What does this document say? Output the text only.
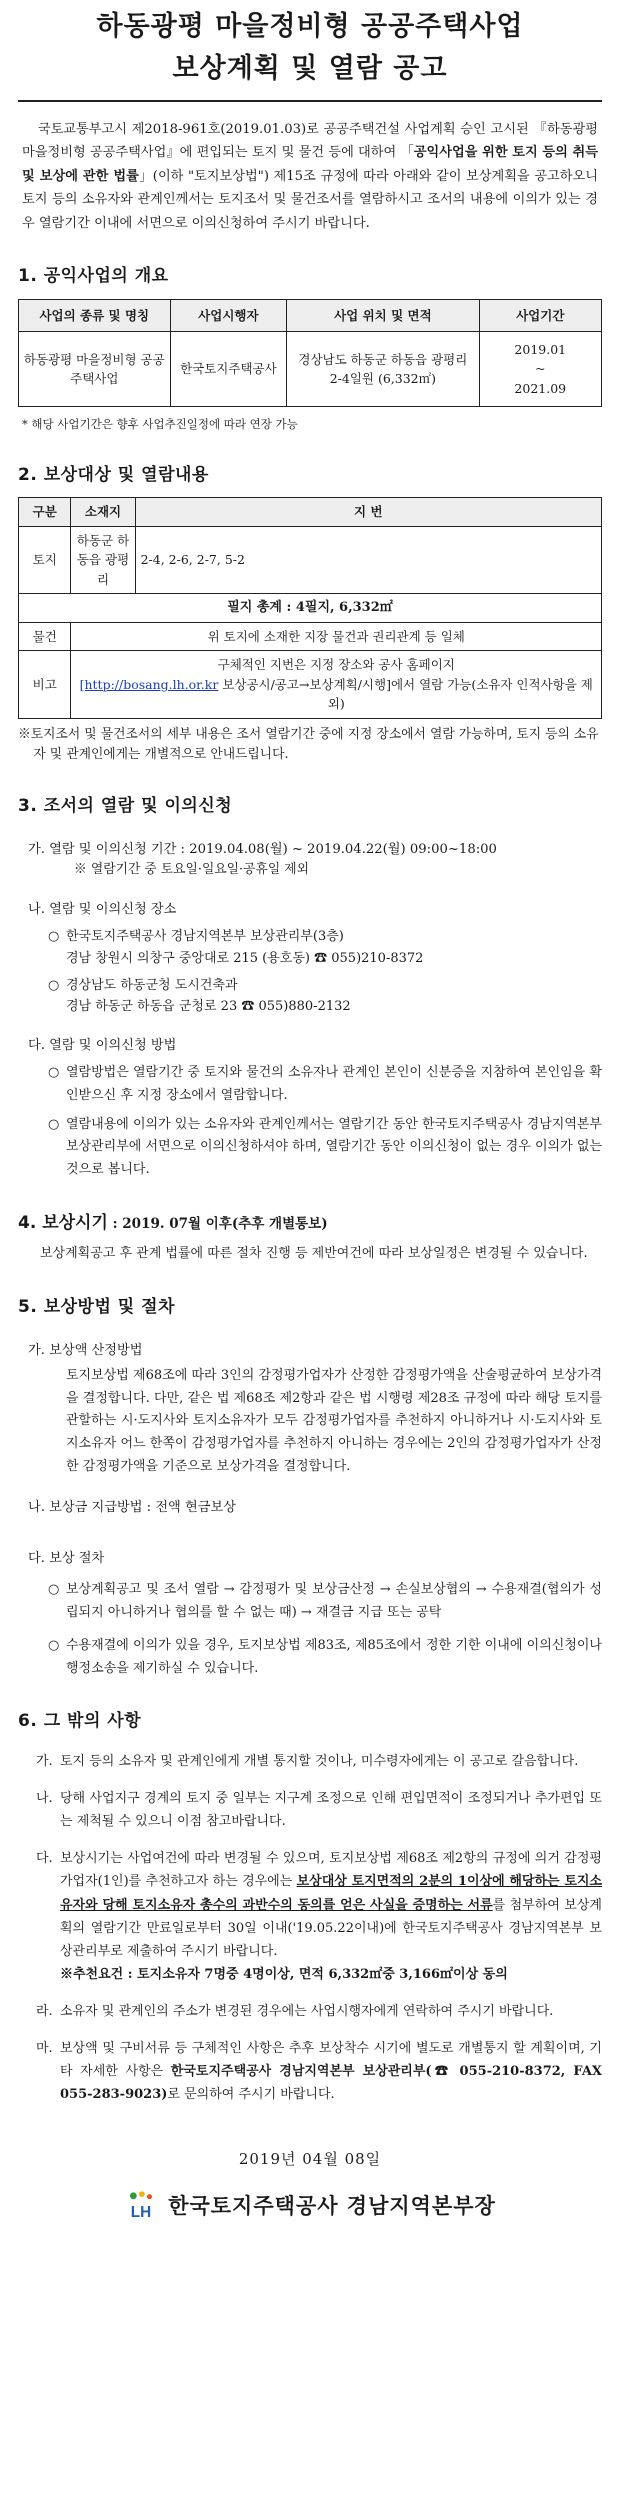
하동광평 마을정비형 공공주택사업
보상계획 및 열람 공고

국토교통부고시 제2018-961호(2019.01.03)로 공공주택건설 사업계획 승인 고시된 『하동광평 마을정비형 공공주택사업』에 편입되는 토지 및 물건 등에 대하여 「공익사업을 위한 토지 등의 취득 및 보상에 관한 법률」(이하 "토지보상법") 제15조 규정에 따라 아래와 같이 보상계획을 공고하오니 토지 등의 소유자와 관계인께서는 토지조서 및 물건조서를 열람하시고 조서의 내용에 이의가 있는 경우 열람기간 이내에 서면으로 이의신청하여 주시기 바랍니다.

1. 공익사업의 개요
사업의 종류 및 명칭	사업시행자	사업 위치 및 면적	사업기간
하동광평 마을정비형 공공주택사업	한국토지주택공사	경상남도 하동군 하동읍 광평리 2-4일원 (6,332㎡)	2019.01
~
2021.09
* 해당 사업기간은 향후 사업추진일정에 따라 연장 가능
2. 보상대상 및 열람내용
구분	소재지	지 번
토지	하동군 하동읍 광평리	2-4, 2-6, 2-7, 5-2
필지 총계 : 4필지, 6,332㎡		
물건	위 토지에 소재한 지장 물건과 권리관계 등 일체	
비고	구체적인 지번은 지정 장소와 공사 홈페이지
[http://bosang.lh.or.kr 보상공시/공고→보상계획/시행]에서 열람 가능(소유자 인적사항을 제외)	

※토지조서 및 물건조서의 세부 내용은 조서 열람기간 중에 지정 장소에서 열람 가능하며, 토지 등의 소유자 및 관계인에게는 개별적으로 안내드립니다.

3. 조서의 열람 및 이의신청
가. 열람 및 이의신청 기간 : 2019.04.08(월) ~ 2019.04.22(월) 09:00~18:00
※ 열람기간 중 토요일·일요일·공휴일 제외
나. 열람 및 이의신청 장소
○ 한국토지주택공사 경남지역본부 보상관리부(3층)
경남 창원시 의창구 중앙대로 215 (용호동) ☎ 055)210-8372
○ 경상남도 하동군청 도시건축과
경남 하동군 하동읍 군청로 23 ☎ 055)880-2132
다. 열람 및 이의신청 방법
○ 열람방법은 열람기간 중 토지와 물건의 소유자나 관계인 본인이 신분증을 지참하여 본인임을 확인받으신 후 지정 장소에서 열람합니다.
○ 열람내용에 이의가 있는 소유자와 관계인께서는 열람기간 동안 한국토지주택공사 경남지역본부 보상관리부에 서면으로 이의신청하셔야 하며, 열람기간 동안 이의신청이 없는 경우 이의가 없는 것으로 봅니다.
4. 보상시기 : 2019. 07월 이후(추후 개별통보)
보상계획공고 후 관계 법률에 따른 절차 진행 등 제반여건에 따라 보상일정은 변경될 수 있습니다.
5. 보상방법 및 절차
가. 보상액 산정방법
토지보상법 제68조에 따라 3인의 감정평가업자가 산정한 감정평가액을 산술평균하여 보상가격을 결정합니다. 다만, 같은 법 제68조 제2항과 같은 법 시행령 제28조 규정에 따라 해당 토지를 관할하는 시·도지사와 토지소유자가 모두 감정평가업자를 추천하지 아니하거나 시·도지사와 토지소유자 어느 한쪽이 감정평가업자를 추천하지 아니하는 경우에는 2인의 감정평가업자가 산정한 감정평가액을 기준으로 보상가격을 결정합니다.
나. 보상금 지급방법 : 전액 현금보상
다. 보상 절차
○ 보상계획공고 및 조서 열람 → 감정평가 및 보상금산정 → 손실보상협의 → 수용재결(협의가 성립되지 아니하거나 협의를 할 수 없는 때) → 재결금 지급 또는 공탁
○ 수용재결에 이의가 있을 경우, 토지보상법 제83조, 제85조에서 정한 기한 이내에 이의신청이나 행정소송을 제기하실 수 있습니다.
6. 그 밖의 사항
가. 토지 등의 소유자 및 관계인에게 개별 통지할 것이나, 미수령자에게는 이 공고로 갈음합니다.
나. 당해 사업지구 경계의 토지 중 일부는 지구계 조정으로 인해 편입면적이 조정되거나 추가편입 또는 제척될 수 있으니 이점 참고바랍니다.
다. 보상시기는 사업여건에 따라 변경될 수 있으며, 토지보상법 제68조 제2항의 규정에 의거 감정평가업자(1인)를 추천하고자 하는 경우에는 보상대상 토지면적의 2분의 1이상에 해당하는 토지소유자와 당해 토지소유자 총수의 과반수의 동의를 얻은 사실을 증명하는 서류를 첨부하여 보상계획의 열람기간 만료일로부터 30일 이내('19.05.22이내)에 한국토지주택공사 경남지역본부 보상관리부로 제출하여 주시기 바랍니다.
※추천요건 : 토지소유자 7명중 4명이상, 면적 6,332㎡중 3,166㎡이상 동의
라. 소유자 및 관계인의 주소가 변경된 경우에는 사업시행자에게 연락하여 주시기 바랍니다.
마. 보상액 및 구비서류 등 구체적인 사항은 추후 보상착수 시기에 별도로 개별통지 할 계획이며, 기타 자세한 사항은 한국토지주택공사 경남지역본부 보상관리부(☎ 055-210-8372, FAX 055-283-9023)로 문의하여 주시기 바랍니다.
2019년 04월 08일
LH 한국토지주택공사 경남지역본부장
